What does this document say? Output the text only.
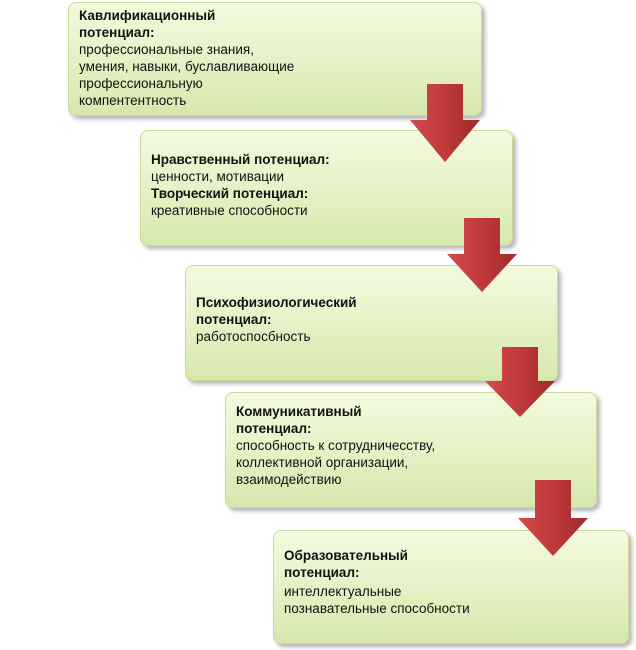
Кавлификационный
потенциал:
профессиональные знания,
умения, навыки, буславливающие
профессиональную
компентентность
Нравственный потенциал:
ценности, мотивации
Творческий потенциал:
креативные способности
Психофизиологический
потенциал:
работоспосбность
Коммуникативный
потенциал:
способность к сотрудничесству,
коллективной организации,
взаимодействию
Образовательный
потенциал:
интеллектуальные
познавательные способности
